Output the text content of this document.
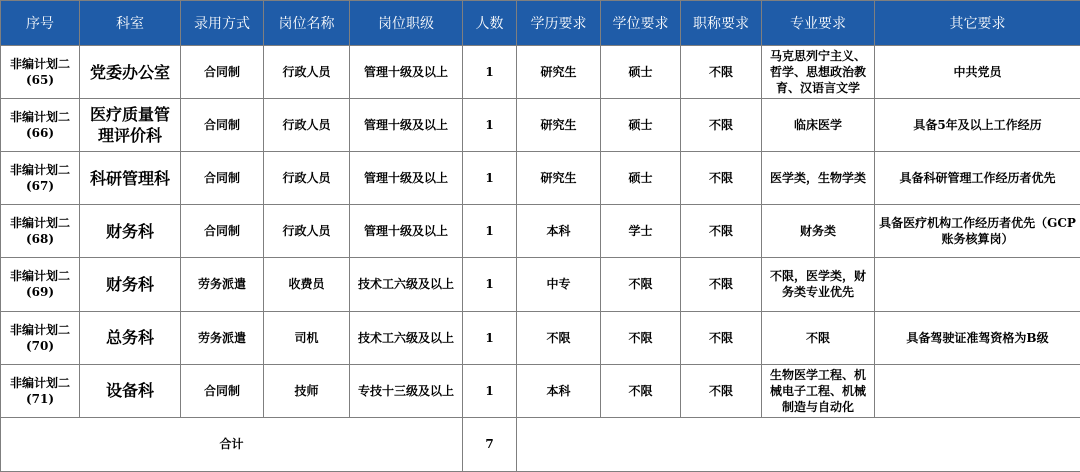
序号	科室	录用方式	岗位名称	岗位职级	人数	学历要求	学位要求	职称要求	专业要求	其它要求
非编计划二
(65)	党委办公室	合同制	行政人员	管理十级及以上	1	研究生	硕士	不限	马克思列宁主义、
哲学、思想政治教
育、汉语言文学	中共党员
非编计划二
(66)	医疗质量管
理评价科	合同制	行政人员	管理十级及以上	1	研究生	硕士	不限	临床医学	具备5年及以上工作经历
非编计划二
(67)	科研管理科	合同制	行政人员	管理十级及以上	1	研究生	硕士	不限	医学类，生物学类	具备科研管理工作经历者优先
非编计划二
(68)	财务科	合同制	行政人员	管理十级及以上	1	本科	学士	不限	财务类	具备医疗机构工作经历者优先（GCP
账务核算岗）
非编计划二
(69)	财务科	劳务派遣	收费员	技术工六级及以上	1	中专	不限	不限	不限，医学类，财
务类专业优先	
非编计划二
(70)	总务科	劳务派遣	司机	技术工六级及以上	1	不限	不限	不限	不限	具备驾驶证准驾资格为B级
非编计划二
(71)	设备科	合同制	技师	专技十三级及以上	1	本科	不限	不限	生物医学工程、机
械电子工程、机械
制造与自动化	
合计					7					
